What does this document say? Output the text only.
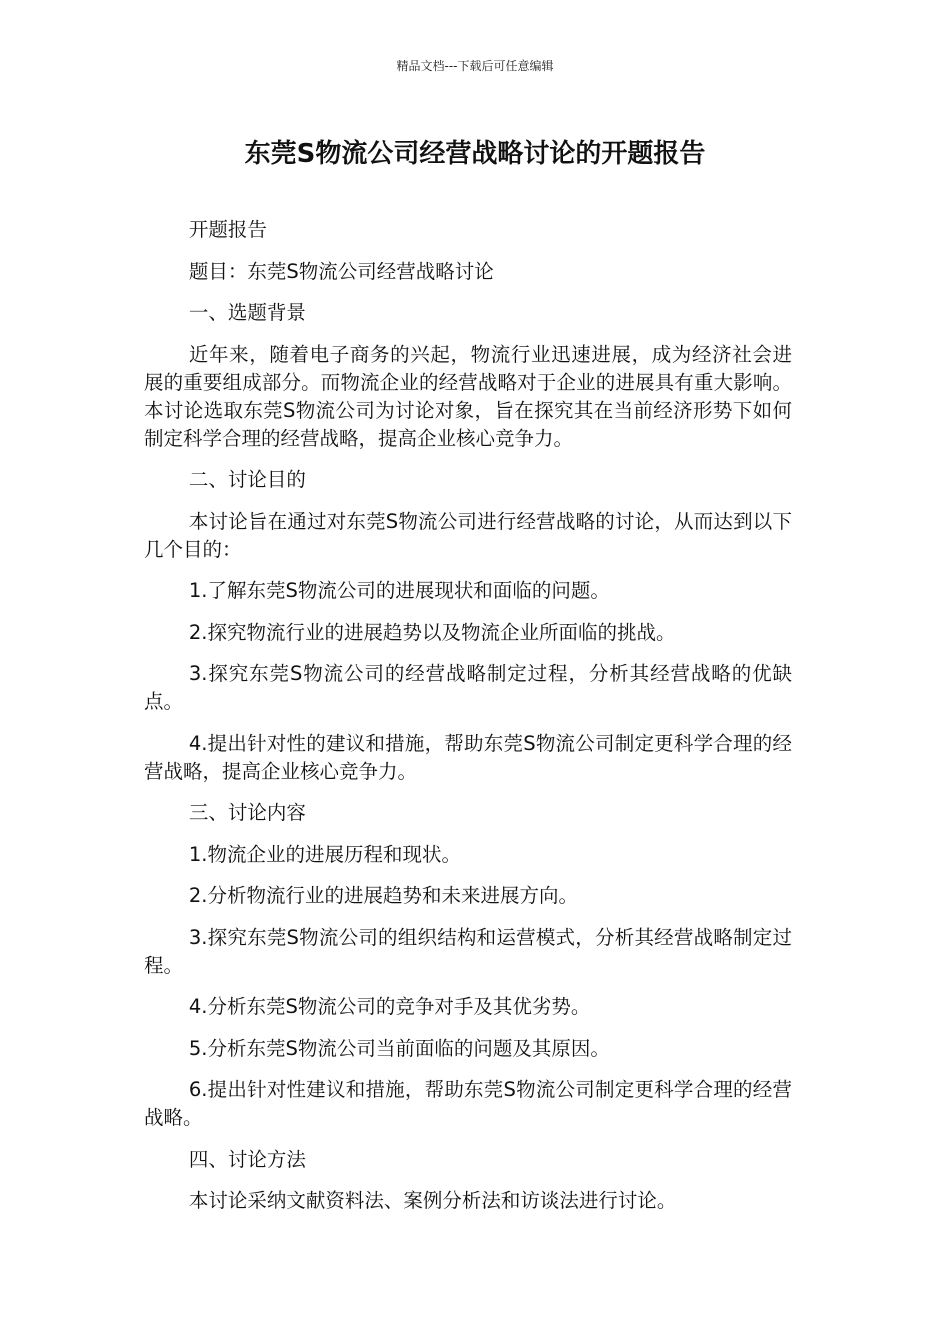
精品文档---下载后可任意编辑
东莞S物流公司经营战略讨论的开题报告

开题报告

题目：东莞S物流公司经营战略讨论

一、选题背景

近年来，随着电子商务的兴起，物流行业迅速进展，成为经济社会进展的重要组成部分。而物流企业的经营战略对于企业的进展具有重大影响。本讨论选取东莞S物流公司为讨论对象，旨在探究其在当前经济形势下如何制定科学合理的经营战略，提高企业核心竞争力。

二、讨论目的

本讨论旨在通过对东莞S物流公司进行经营战略的讨论，从而达到以下几个目的：

1.了解东莞S物流公司的进展现状和面临的问题。

2.探究物流行业的进展趋势以及物流企业所面临的挑战。

3.探究东莞S物流公司的经营战略制定过程，分析其经营战略的优缺点。

4.提出针对性的建议和措施，帮助东莞S物流公司制定更科学合理的经营战略，提高企业核心竞争力。

三、讨论内容

1.物流企业的进展历程和现状。

2.分析物流行业的进展趋势和未来进展方向。

3.探究东莞S物流公司的组织结构和运营模式，分析其经营战略制定过程。

4.分析东莞S物流公司的竞争对手及其优劣势。

5.分析东莞S物流公司当前面临的问题及其原因。

6.提出针对性建议和措施，帮助东莞S物流公司制定更科学合理的经营战略。

四、讨论方法

本讨论采纳文献资料法、案例分析法和访谈法进行讨论。
